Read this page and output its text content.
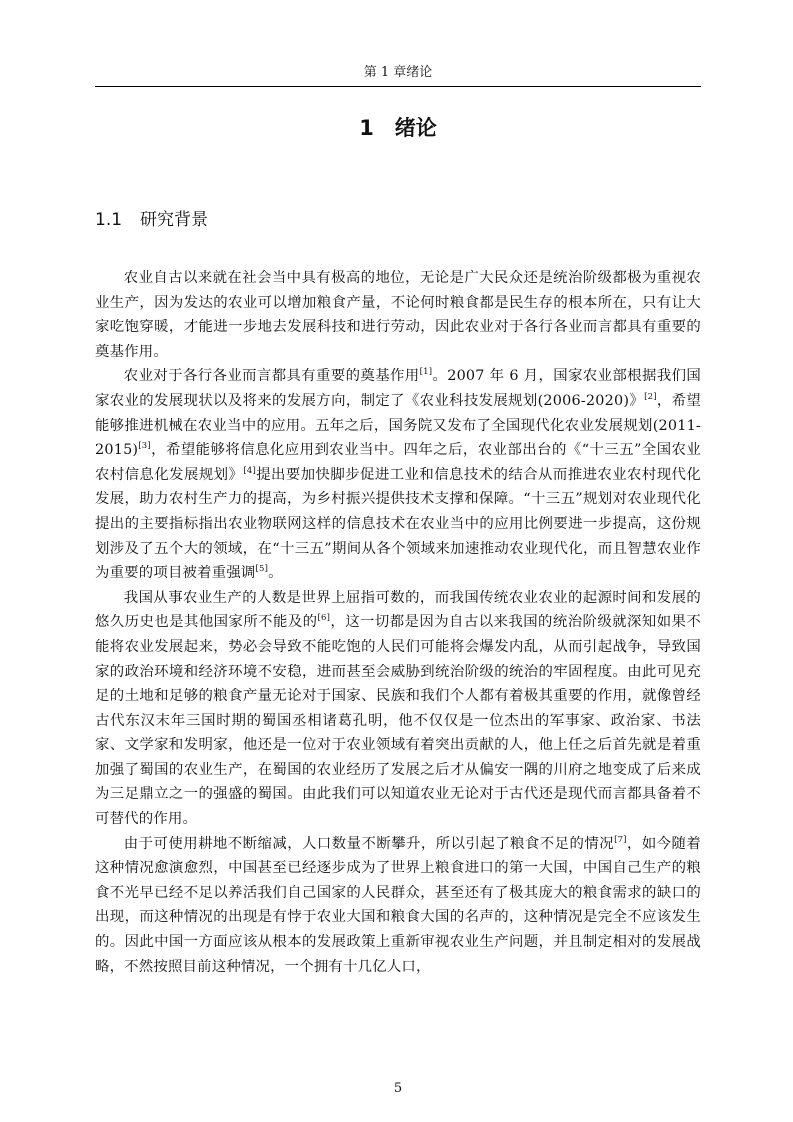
第 1 章绪论
1　绪论
1.1 研究背景

农业自古以来就在社会当中具有极高的地位，无论是广大民众还是统治阶级都极为重视农业生产，因为发达的农业可以增加粮食产量，不论何时粮食都是民生存的根本所在，只有让大家吃饱穿暖，才能进一步地去发展科技和进行劳动，因此农业对于各行各业而言都具有重要的奠基作用。

农业对于各行各业而言都具有重要的奠基作用[1]。2007 年 6 月，国家农业部根据我们国家农业的发展现状以及将来的发展方向，制定了《农业科技发展规划(2006-2020)》[2]，希望能够推进机械在农业当中的应用。五年之后，国务院又发布了全国现代化农业发展规划(2011-2015)[3]，希望能够将信息化应用到农业当中。四年之后，农业部出台的《“十三五”全国农业农村信息化发展规划》[4]提出要加快脚步促进工业和信息技术的结合从而推进农业农村现代化发展，助力农村生产力的提高，为乡村振兴提供技术支撑和保障。“十三五”规划对农业现代化提出的主要指标指出农业物联网这样的信息技术在农业当中的应用比例要进一步提高，这份规划涉及了五个大的领域，在“十三五”期间从各个领域来加速推动农业现代化，而且智慧农业作为重要的项目被着重强调[5]。

我国从事农业生产的人数是世界上屈指可数的，而我国传统农业农业的起源时间和发展的悠久历史也是其他国家所不能及的[6]，这一切都是因为自古以来我国的统治阶级就深知如果不能将农业发展起来，势必会导致不能吃饱的人民们可能将会爆发内乱，从而引起战争，导致国家的政治环境和经济环境不安稳，进而甚至会威胁到统治阶级的统治的牢固程度。由此可见充足的土地和足够的粮食产量无论对于国家、民族和我们个人都有着极其重要的作用，就像曾经古代东汉末年三国时期的蜀国丞相诸葛孔明，他不仅仅是一位杰出的军事家、政治家、书法家、文学家和发明家，他还是一位对于农业领域有着突出贡献的人，他上任之后首先就是着重加强了蜀国的农业生产，在蜀国的农业经历了发展之后才从偏安一隅的川府之地变成了后来成为三足鼎立之一的强盛的蜀国。由此我们可以知道农业无论对于古代还是现代而言都具备着不可替代的作用。

由于可使用耕地不断缩减，人口数量不断攀升，所以引起了粮食不足的情况[7]，如今随着这种情况愈演愈烈，中国甚至已经逐步成为了世界上粮食进口的第一大国，中国自己生产的粮食不光早已经不足以养活我们自己国家的人民群众，甚至还有了极其庞大的粮食需求的缺口的出现，而这种情况的出现是有悖于农业大国和粮食大国的名声的，这种情况是完全不应该发生的。因此中国一方面应该从根本的发展政策上重新审视农业生产问题，并且制定相对的发展战略，不然按照目前这种情况，一个拥有十几亿人口，

5
